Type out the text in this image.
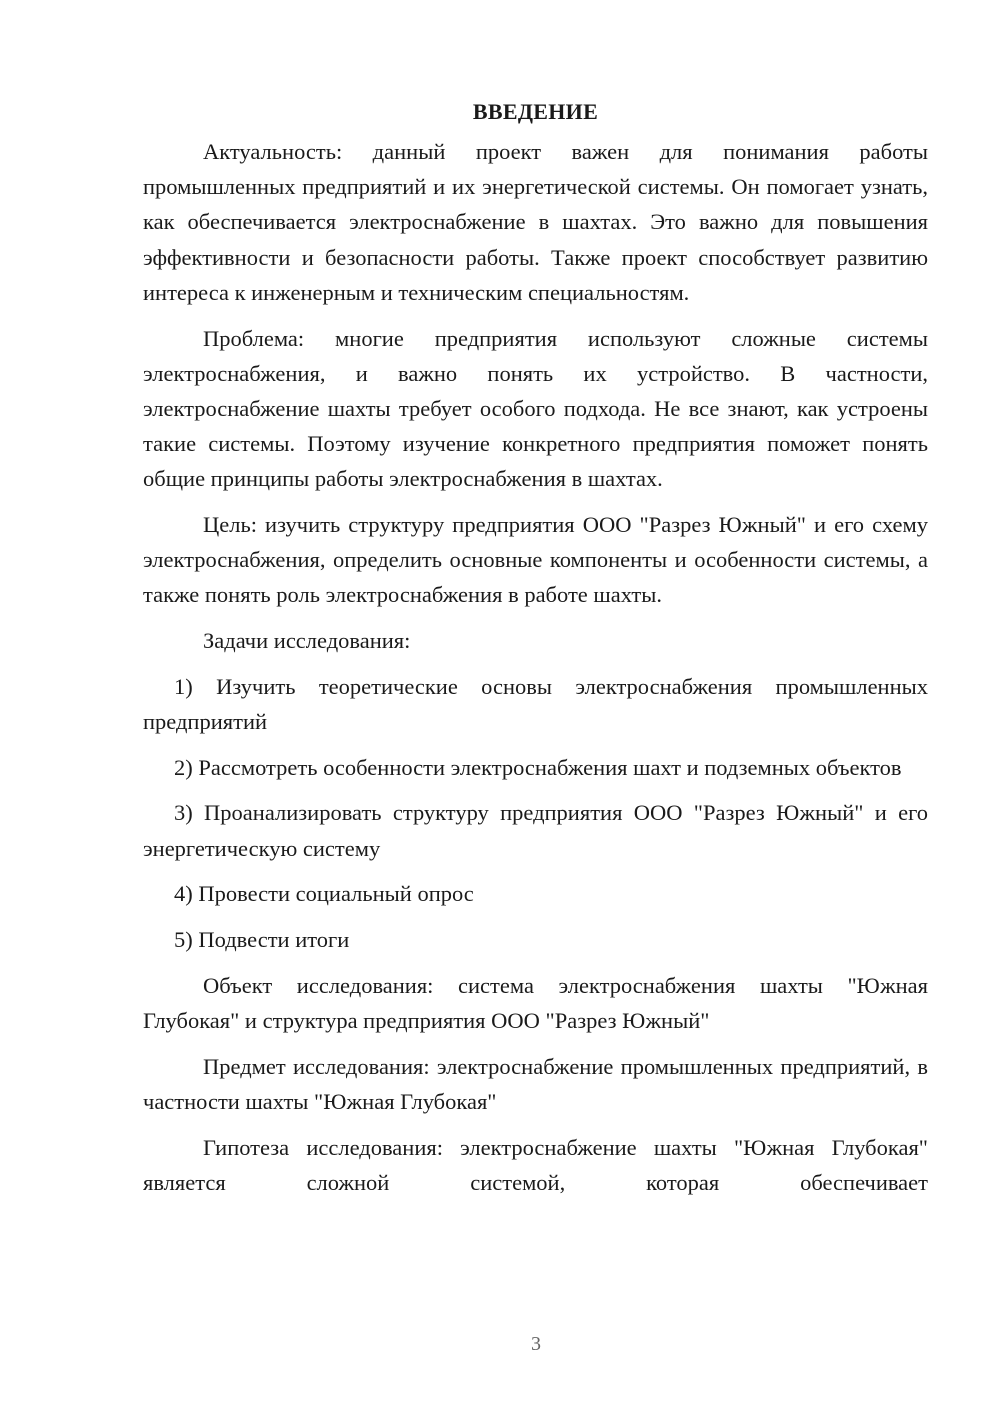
ВВЕДЕНИЕ

Актуальность: данный проект важен для понимания работы промышленных предприятий и их энергетической системы. Он помогает узнать, как обеспечивается электроснабжение в шахтах. Это важно для повышения эффективности и безопасности работы. Также проект способствует развитию интереса к инженерным и техническим специальностям.

Проблема: многие предприятия используют сложные системы электроснабжения, и важно понять их устройство. В частности, электроснабжение шахты требует особого подхода. Не все знают, как устроены такие системы. Поэтому изучение конкретного предприятия поможет понять общие принципы работы электроснабжения в шахтах.

Цель: изучить структуру предприятия ООО "Разрез Южный" и его схему электроснабжения, определить основные компоненты и особенности системы, а также понять роль электроснабжения в работе шахты.

Задачи исследования:

1) Изучить теоретические основы электроснабжения промышленных предприятий

2) Рассмотреть особенности электроснабжения шахт и подземных объектов

3) Проанализировать структуру предприятия ООО "Разрез Южный" и его энергетическую систему

4) Провести социальный опрос

5) Подвести итоги

Объект исследования: система электроснабжения шахты "Южная Глубокая" и структура предприятия ООО "Разрез Южный"

Предмет исследования: электроснабжение промышленных предприятий, в частности шахты "Южная Глубокая"

Гипотеза исследования: электроснабжение шахты "Южная Глубокая" является сложной системой, которая обеспечивает

3
